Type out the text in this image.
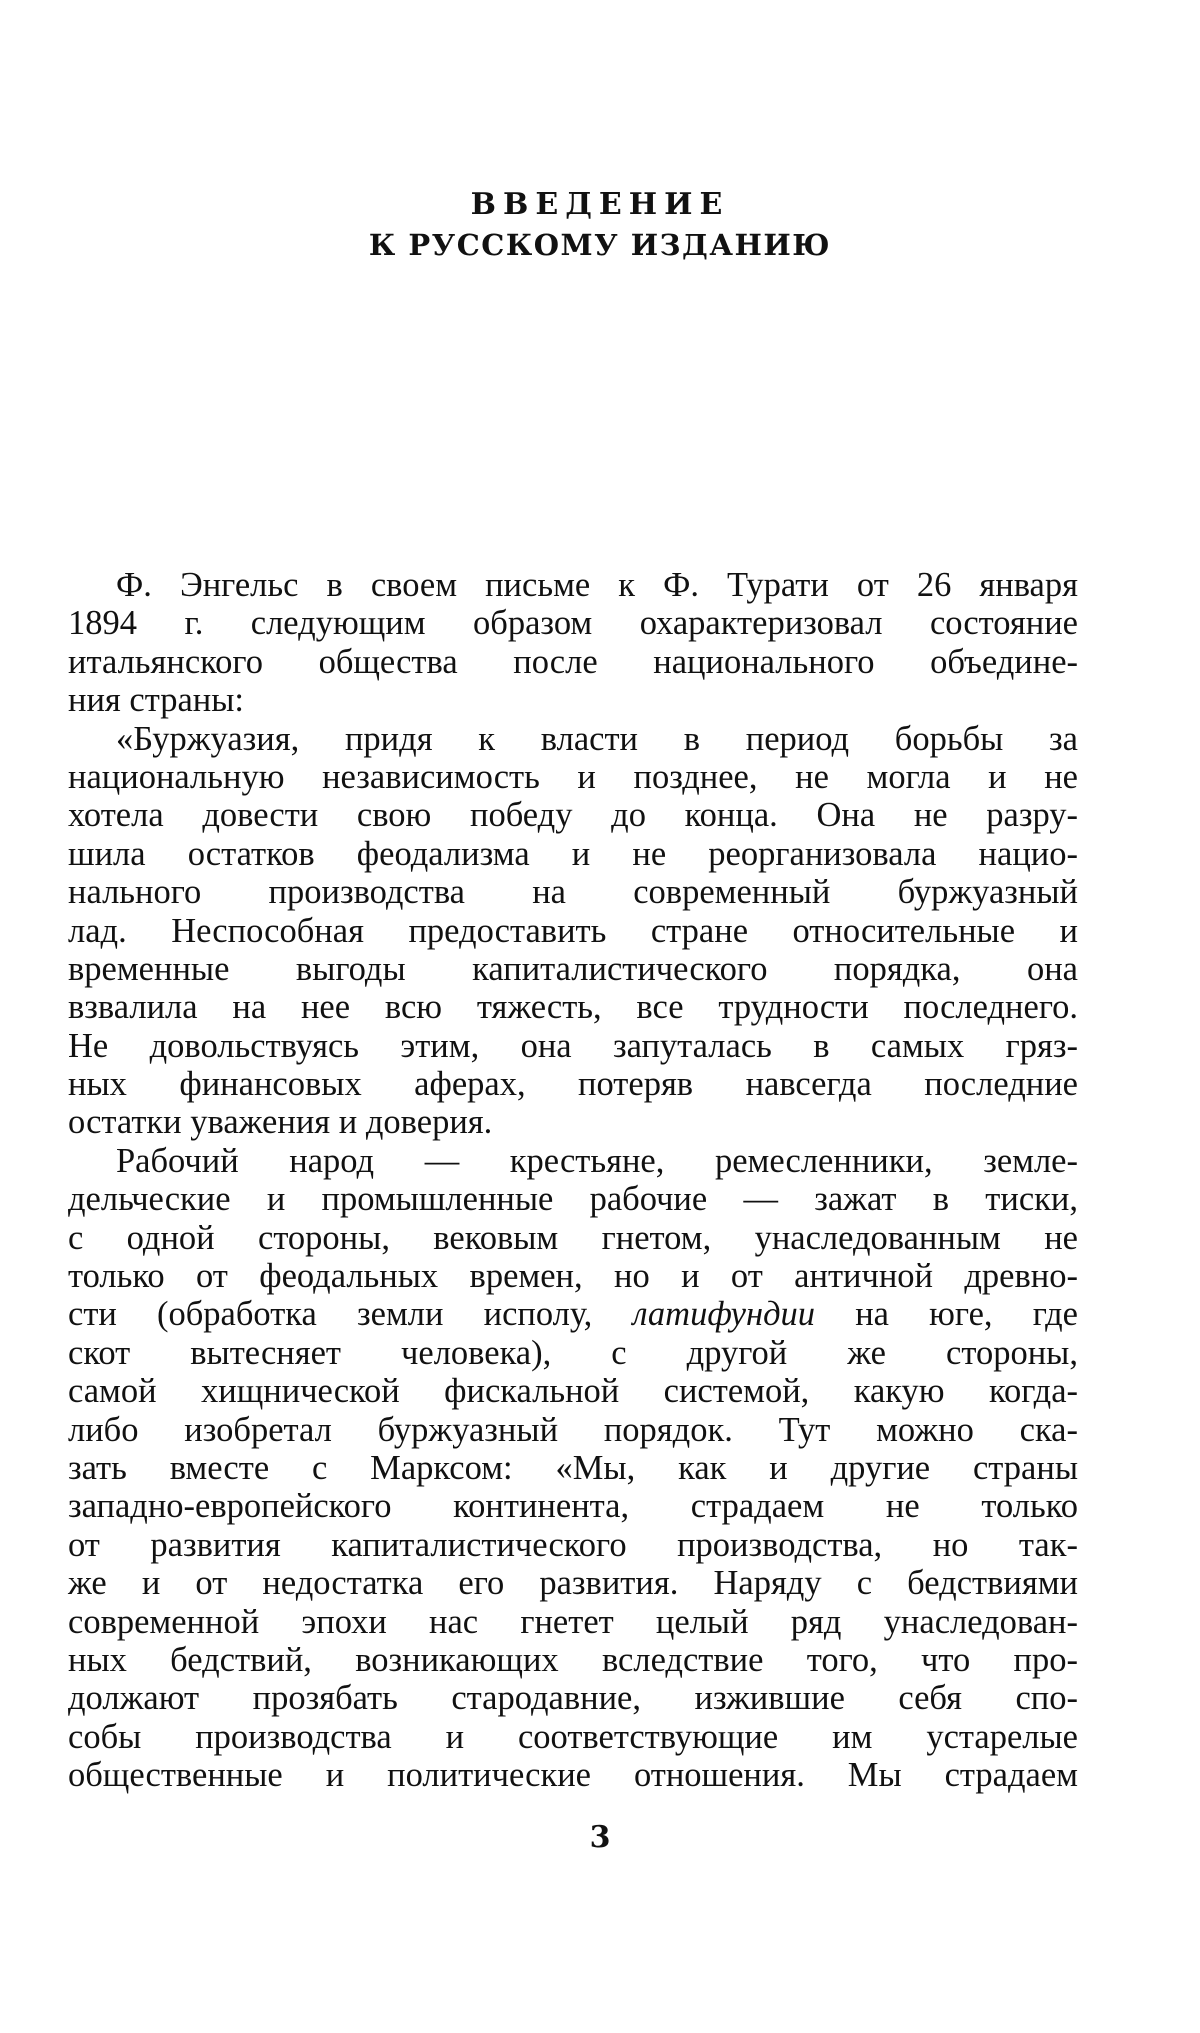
ВВЕДЕНИЕ
К РУССКОМУ ИЗДАНИЮ
Ф. Энгельс в своем письме к Ф. Турати от 26 января
1894 г. следующим образом охарактеризовал состояние
итальянского общества после национального объедине-
ния страны:
«Буржуазия, придя к власти в период борьбы за
национальную независимость и позднее, не могла и не
хотела довести свою победу до конца. Она не разру-
шила остатков феодализма и не реорганизовала нацио-
нального производства на современный буржуазный
лад. Неспособная предоставить стране относительные и
временные выгоды капиталистического порядка, она
взвалила на нее всю тяжесть, все трудности последнего.
Не довольствуясь этим, она запуталась в самых гряз-
ных финансовых аферах, потеряв навсегда последние
остатки уважения и доверия.
Рабочий народ — крестьяне, ремесленники, земле-
дельческие и промышленные рабочие — зажат в тиски,
с одной стороны, вековым гнетом, унаследованным не
только от феодальных времен, но и от античной древно-
сти (обработка земли исполу, латифундии на юге, где
скот вытесняет человека), с другой же стороны,
самой хищнической фискальной системой, какую когда-
либо изобретал буржуазный порядок. Тут можно ска-
зать вместе с Марксом: «Мы, как и другие страны
западно-европейского континента, страдаем не только
от развития капиталистического производства, но так-
же и от недостатка его развития. Наряду с бедствиями
современной эпохи нас гнетет целый ряд унаследован-
ных бедствий, возникающих вследствие того, что про-
должают прозябать стародавние, изжившие себя спо-
собы производства и соответствующие им устарелые
общественные и политические отношения. Мы страдаем
3
